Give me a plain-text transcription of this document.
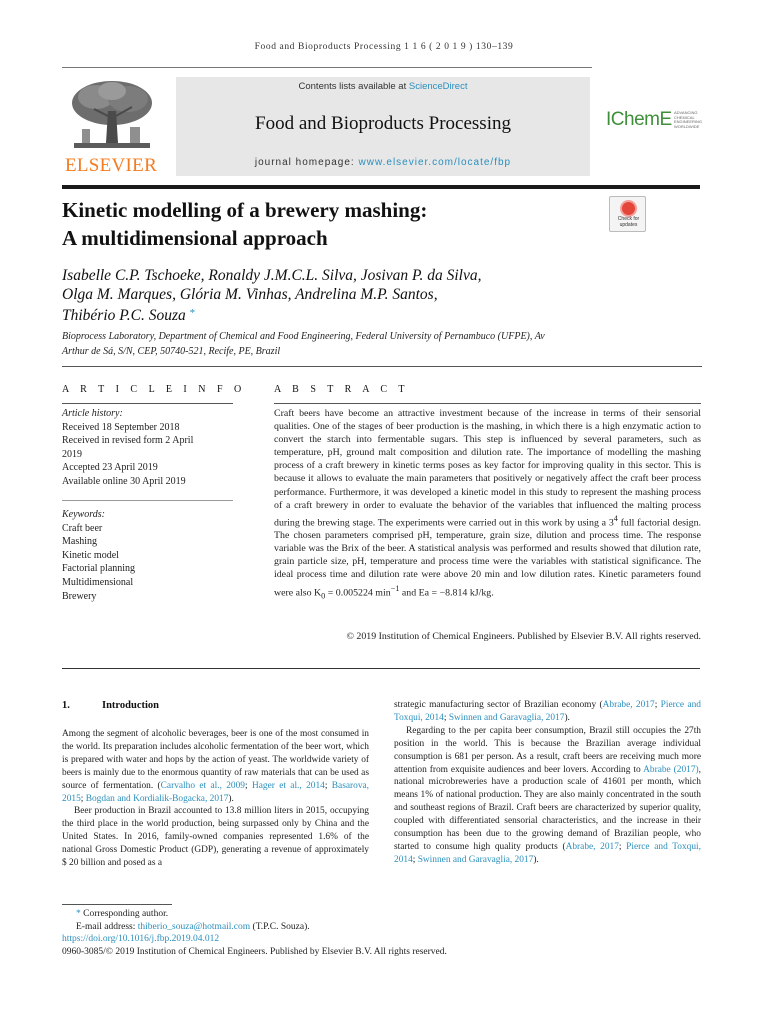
Food and Bioproducts Processing 1 1 6 ( 2 0 1 9 ) 130–139
ELSEVIER
Contents lists available at ScienceDirect
Food and Bioproducts Processing
journal homepage: www.elsevier.com/locate/fbp
IChemE ADVANCING CHEMICAL ENGINEERING WORLDWIDE
Kinetic modelling of a brewery mashing:
A multidimensional approach
Check for updates
Isabelle C.P. Tschoeke, Ronaldy J.M.C.L. Silva, Josivan P. da Silva,
Olga M. Marques, Glória M. Vinhas, Andrelina M.P. Santos,
Thibério P.C. Souza *
Bioprocess Laboratory, Department of Chemical and Food Engineering, Federal University of Pernambuco (UFPE), Av
Arthur de Sá, S/N, CEP, 50740-521, Recife, PE, Brazil
A R T I C L E I N F O	A B S T R A C T
Article history:
Received 18 September 2018
Received in revised form 2 April
2019
Accepted 23 April 2019
Available online 30 April 2019
Keywords:
Craft beer
Mashing
Kinetic model
Factorial planning
Multidimensional
Brewery
Craft beers have become an attractive investment because of the increase in terms of their sensorial qualities. One of the stages of beer production is the mashing, in which there is a high enzymatic action to convert the starch into fermentable sugars. This step is influenced by several parameters, such as temperature, pH, ground malt composition and dilution rate. The importance of modelling the mashing process of a craft brewery in kinetic terms poses as key factor for improving quality in this sector. This is because it allows to evaluate the main parameters that positively or negatively affect the craft beer process performance. Furthermore, it was developed a kinetic model in this study to represent the mashing process of a craft brewery in order to evaluate the behavior of the variables that influenced the malting process during the brewing stage. The experiments were carried out in this work by using a $3^4$ full factorial design. The chosen parameters comprised pH, temperature, grain size, dilution and process time. The response variable was the Brix of the beer. A statistical analysis was performed and results showed that dilution rate, grain particle size, pH, temperature and process time were the variables with statistical significance. The ideal process time and dilution rate were above 20 min and low dilution rates. Kinetic parameters found were also $K_0 = 0.005224$ $\min^{-1}$ and Ea = −8.814 kJ/kg.
© 2019 Institution of Chemical Engineers. Published by Elsevier B.V. All rights reserved.
1.	Introduction

Among the segment of alcoholic beverages, beer is one of the most consumed in the world. Its preparation includes alcoholic fermentation of the beer wort, which is prepared with water and hops by the action of yeast. The worldwide variety of beers is mainly due to the enormous quantity of raw materials that can be used as source of fermentation. (Carvalho et al., 2009; Hager et al., 2014; Basarova, 2015; Bogdan and Kordialik-Bogacka, 2017).

Beer production in Brazil accounted to 13.8 million liters in 2015, occupying the third place in the world production, being surpassed only by China and the United States. In 2016, family-owned companies represented 1.6% of the national Gross Domestic Product (GDP), generating a revenue of approximately $ 20 billion and posed as a

strategic manufacturing sector of Brazilian economy (Abrabe, 2017; Pierce and Toxqui, 2014; Swinnen and Garavaglia, 2017).

Regarding to the per capita beer consumption, Brazil still occupies the 27th position in the world. This is because the Brazilian average individual consumption is 681 per person. As a result, craft beers are receiving much more attention from exquisite audiences and beer lovers. According to Abrabe (2017), national microbreweries have a production scale of 41601 per month, which means 1% of national production. They are also mainly concentrated in the south and southeast regions of Brazil. Craft beers are characterized by superior quality, coupled with differentiated sensorial characteristics, and the increase in their consumption has been due to the growing demand of Brazilian people, who started to consume high quality products (Abrabe, 2017; Pierce and Toxqui, 2014; Swinnen and Garavaglia, 2017).

* Corresponding author.
E-mail address: thiberio_souza@hotmail.com (T.P.C. Souza).
https://doi.org/10.1016/j.fbp.2019.04.012
0960-3085/© 2019 Institution of Chemical Engineers. Published by Elsevier B.V. All rights reserved.
